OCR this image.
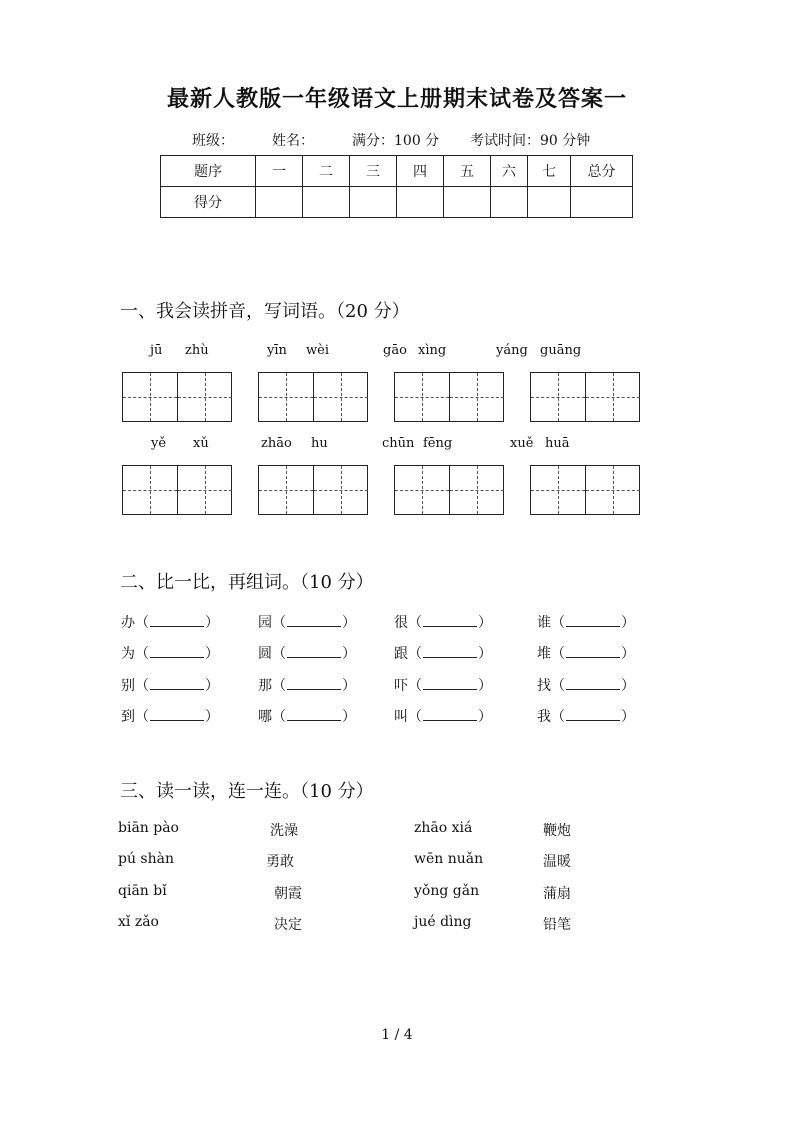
最新人教版一年级语文上册期末试卷及答案一
班级：	姓名：	满分：100 分 考试时间：90 分钟
题序	一	二	三	四	五	六	七	总分
得分								
一、我会读拼音，写词语。（20 分）
jū zhù	yīn wèi	gāo xìng	yáng guāng
yě xǔ	zhāo hu	chūn fēng	xuě huā
二、比一比，再组词。（10 分）
办（	）	园（	）	很（	）	谁（	）
为（	）	圆（	）	跟（	）	堆（	）
别（	）	那（	）	吓（	）	找（	）
到（	）	哪（	）	叫（	）	我（	）
三、读一读，连一连。（10 分）
biān pào	洗澡	zhāo xiá	鞭炮
pú shàn	勇敢	wēn nuǎn	温暖
qiān bǐ	朝霞	yǒng gǎn	蒲扇
xǐ zǎo	决定	jué dìng	铅笔
1 / 4
